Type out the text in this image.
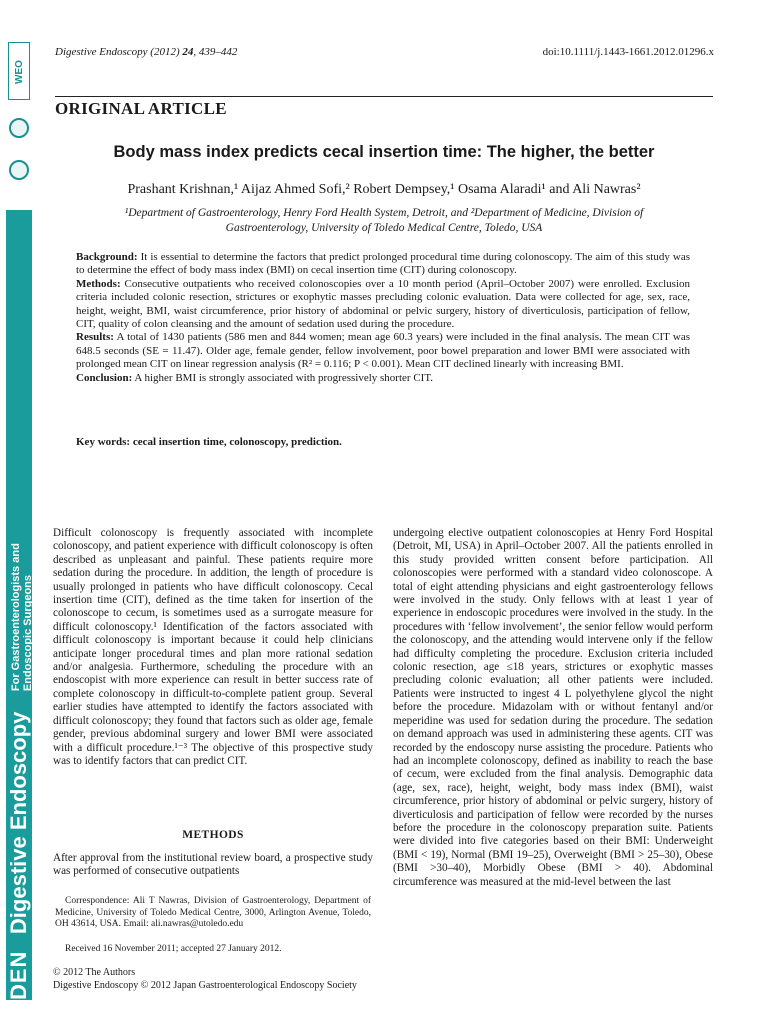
DEN Digestive Endoscopy
For Gastroenterologists and Endoscopic Surgeons
WEO
Digestive Endoscopy (2012) 24, 439–442	doi:10.1111/j.1443-1661.2012.01296.x
ORIGINAL ARTICLE
Body mass index predicts cecal insertion time: The higher, the better
Prashant Krishnan,¹ Aijaz Ahmed Sofi,² Robert Dempsey,¹ Osama Alaradi¹ and Ali Nawras²
¹Department of Gastroenterology, Henry Ford Health System, Detroit, and ²Department of Medicine, Division of Gastroenterology, University of Toledo Medical Centre, Toledo, USA

Background: It is essential to determine the factors that predict prolonged procedural time during colonoscopy. The aim of this study was to determine the effect of body mass index (BMI) on cecal insertion time (CIT) during colonoscopy.

Methods: Consecutive outpatients who received colonoscopies over a 10 month period (April–October 2007) were enrolled. Exclusion criteria included colonic resection, strictures or exophytic masses precluding colonic evaluation. Data were collected for age, sex, race, height, weight, BMI, waist circumference, prior history of abdominal or pelvic surgery, history of diverticulosis, participation of fellow, CIT, quality of colon cleansing and the amount of sedation used during the procedure.

Results: A total of 1430 patients (586 men and 844 women; mean age 60.3 years) were included in the final analysis. The mean CIT was 648.5 seconds (SE = 11.47). Older age, female gender, fellow involvement, poor bowel preparation and lower BMI were associated with prolonged mean CIT on linear regression analysis (R² = 0.116; P < 0.001). Mean CIT declined linearly with increasing BMI.

Conclusion: A higher BMI is strongly associated with progressively shorter CIT.

Key words: cecal insertion time, colonoscopy, prediction.

Difficult colonoscopy is frequently associated with incomplete colonoscopy, and patient experience with difficult colonoscopy is often described as unpleasant and painful. These patients require more sedation during the procedure. In addition, the length of procedure is usually prolonged in patients who have difficult colonoscopy. Cecal insertion time (CIT), defined as the time taken for insertion of the colonoscope to cecum, is sometimes used as a surrogate measure for difficult colonoscopy.¹ Identification of the factors associated with difficult colonoscopy is important because it could help clinicians anticipate longer procedural times and plan more rational sedation and/or analgesia. Furthermore, scheduling the procedure with an endoscopist with more experience can result in better success rate of complete colonoscopy in difficult-to-complete patient group. Several earlier studies have attempted to identify the factors associated with difficult colonoscopy; they found that factors such as older age, female gender, previous abdominal surgery and lower BMI were associated with a difficult procedure.¹⁻³ The objective of this prospective study was to identify factors that can predict CIT.

METHODS
After approval from the institutional review board, a prospective study was performed of consecutive outpatients
Correspondence: Ali T Nawras, Division of Gastroenterology, Department of Medicine, University of Toledo Medical Centre, 3000, Arlington Avenue, Toledo, OH 43614, USA. Email: ali.nawras@utoledo.edu
Received 16 November 2011; accepted 27 January 2012.
© 2012 The Authors
Digestive Endoscopy © 2012 Japan Gastroenterological Endoscopy Society

undergoing elective outpatient colonoscopies at Henry Ford Hospital (Detroit, MI, USA) in April–October 2007. All the patients enrolled in this study provided written consent before participation. All colonoscopies were performed with a standard video colonoscope. A total of eight attending physicians and eight gastroenterology fellows were involved in the study. Only fellows with at least 1 year of experience in endoscopic procedures were involved in the study. In the procedures with ‘fellow involvement’, the senior fellow would perform the colonoscopy, and the attending would intervene only if the fellow had difficulty completing the procedure. Exclusion criteria included colonic resection, age ≤18 years, strictures or exophytic masses precluding colonic evaluation; all other patients were included. Patients were instructed to ingest 4 L polyethylene glycol the night before the procedure. Midazolam with or without fentanyl and/or meperidine was used for sedation during the procedure. The sedation on demand approach was used in administering these agents. CIT was recorded by the endoscopy nurse assisting the procedure. Patients who had an incomplete colonoscopy, defined as inability to reach the base of cecum, were excluded from the final analysis. Demographic data (age, sex, race), height, weight, body mass index (BMI), waist circumference, prior history of abdominal or pelvic surgery, history of diverticulosis and participation of fellow were recorded by the nurses before the procedure in the colonoscopy preparation suite. Patients were divided into five categories based on their BMI: Underweight (BMI < 19), Normal (BMI 19–25), Overweight (BMI > 25–30), Obese (BMI >30–40), Morbidly Obese (BMI > 40). Abdominal circumference was measured at the mid-level between the last
